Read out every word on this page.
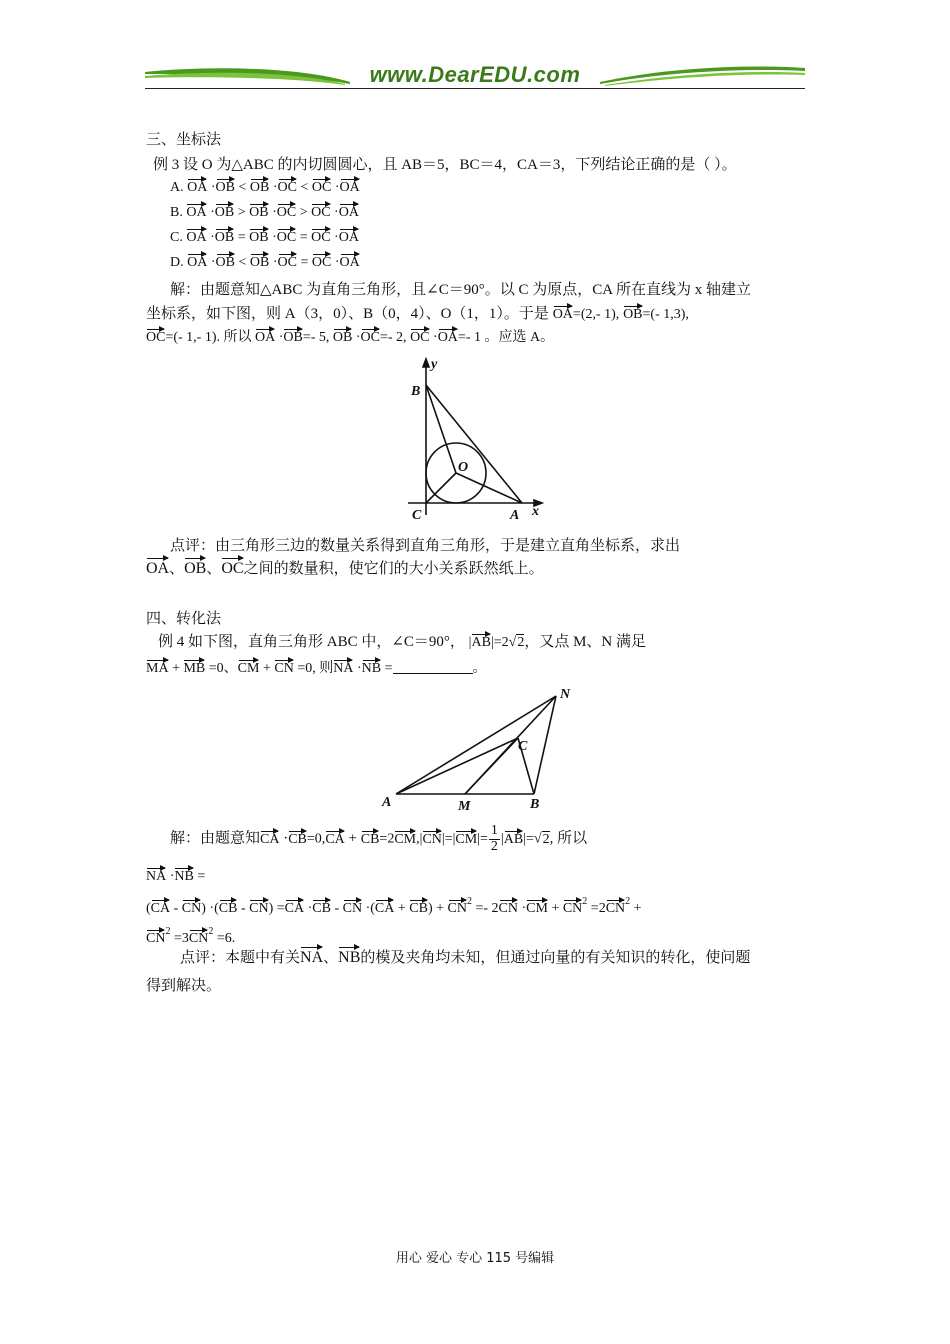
www.DearEDU.com
三、坐标法
例 3 设 O 为△ABC 的内切圆圆心，且 AB＝5，BC＝4，CA＝3，下列结论正确的是（ ）。
A. OA ·OB < OB ·OC < OC ·OA
B. OA ·OB > OB ·OC > OC ·OA
C. OA ·OB = OB ·OC = OC ·OA
D. OA ·OB < OB ·OC = OC ·OA
解：由题意知△ABC 为直角三角形，且∠C＝90°。以 C 为原点，CA 所在直线为 x 轴建立
坐标系，如下图，则 A（3，0）、B（0，4）、O（1，1）。于是 OA=(2,- 1), OB=(- 1,3),
OC=(- 1,- 1). 所以 OA ·OB=- 5, OB ·OC=- 2, OC ·OA=- 1 。应选 A。
B
y
O
C	A x
点评：由三角形三边的数量关系得到直角三角形，于是建立直角坐标系，求出
OA、OB、OC之间的数量积，使它们的大小关系跃然纸上。
四、转化法
例 4 如下图，直角三角形 ABC 中，∠C＝90°， |AB|=2√2，又点 M、N 满足
MA + MB =0、CM + CN =0, 则NA ·NB =	。
N
C
A	M	B
解：由题意知CA $\cdot CB=0,CA + CB=2CM,|CN|=|CM|= \frac{1}{2} |AB|=√2$, 所以
NA ·NB =
(CA - CN) ·(CB - CN) =CA ·CB - CN $\cdot(CA + CB) + CN^2 =- 2CN \cdot CM + CN^2 =2CN^2$ +
$CN^2 =3CN^2 =6$.
点评：本题中有关NA、NB的模及夹角均未知，但通过向量的有关知识的转化，使问题
得到解决。
用心 爱心 专心 115 号编辑
